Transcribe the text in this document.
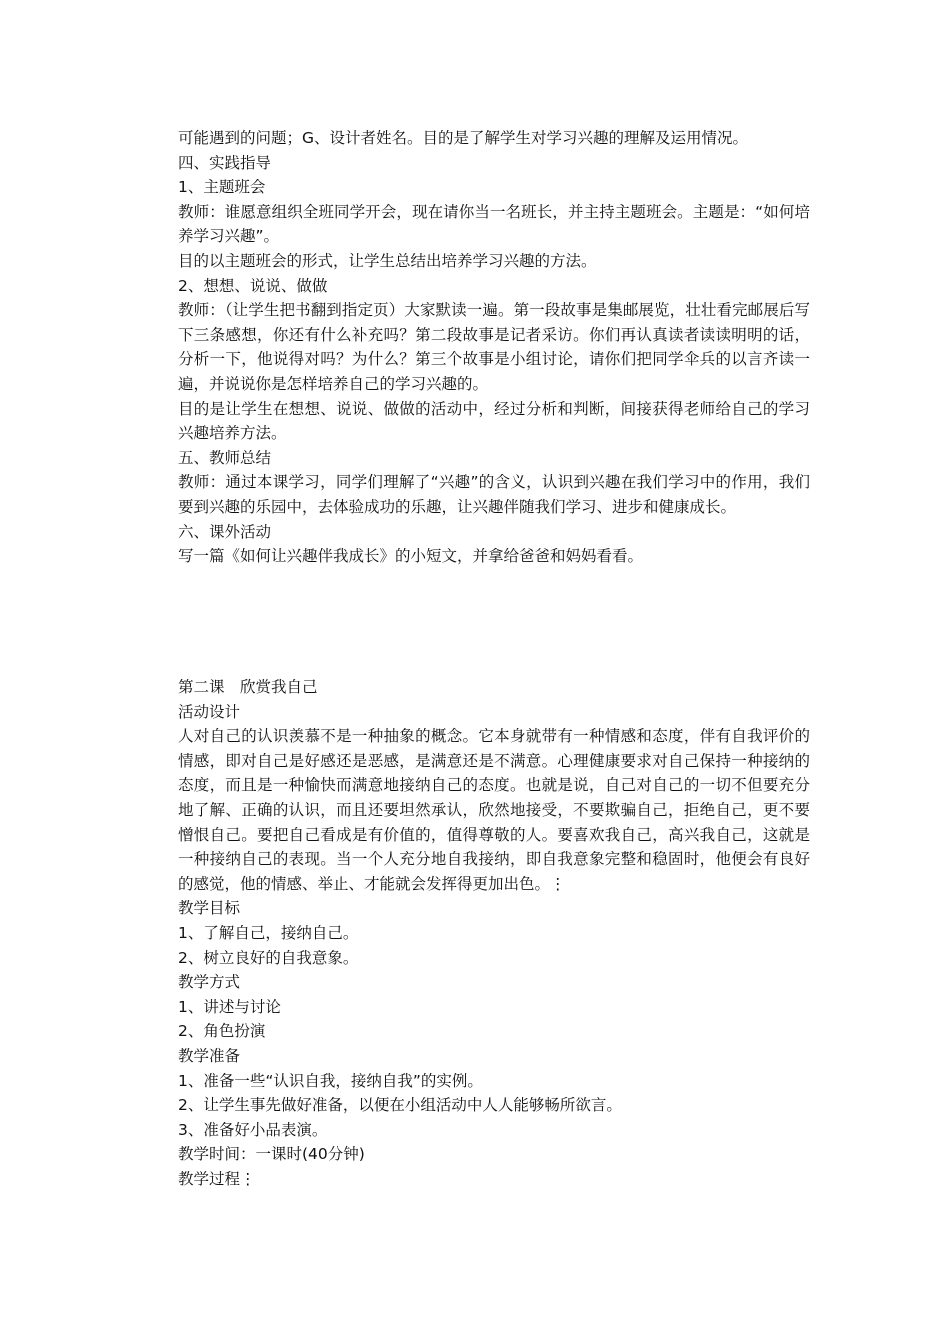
可能遇到的问题；G、设计者姓名。目的是了解学生对学习兴趣的理解及运用情况。

四、实践指导

1、主题班会

教师：谁愿意组织全班同学开会，现在请你当一名班长，并主持主题班会。主题是：“如何培养学习兴趣”。

目的以主题班会的形式，让学生总结出培养学习兴趣的方法。

2、想想、说说、做做

教师：（让学生把书翻到指定页）大家默读一遍。第一段故事是集邮展览，壮壮看完邮展后写下三条感想，你还有什么补充吗？第二段故事是记者采访。你们再认真读者读读明明的话，分析一下，他说得对吗？为什么？第三个故事是小组讨论，请你们把同学伞兵的以言齐读一遍，并说说你是怎样培养自己的学习兴趣的。

目的是让学生在想想、说说、做做的活动中，经过分析和判断，间接获得老师给自己的学习兴趣培养方法。

五、教师总结

教师：通过本课学习，同学们理解了“兴趣”的含义，认识到兴趣在我们学习中的作用，我们要到兴趣的乐园中，去体验成功的乐趣，让兴趣伴随我们学习、进步和健康成长。

六、课外活动

写一篇《如何让兴趣伴我成长》的小短文，并拿给爸爸和妈妈看看。

第二课　欣赏我自己

活动设计

人对自己的认识羡慕不是一种抽象的概念。它本身就带有一种情感和态度，伴有自我评价的情感，即对自己是好感还是恶感，是满意还是不满意。心理健康要求对自己保持一种接纳的态度，而且是一种愉快而满意地接纳自己的态度。也就是说，自己对自己的一切不但要充分地了解、正确的认识，而且还要坦然承认，欣然地接受，不要欺骗自己，拒绝自己，更不要憎恨自己。要把自己看成是有价值的，值得尊敬的人。要喜欢我自己，高兴我自己，这就是一种接纳自己的表现。当一个人充分地自我接纳，即自我意象完整和稳固时，他便会有良好的感觉，他的情感、举止、才能就会发挥得更加出色。⋮

教学目标

1、了解自己，接纳自己。

2、树立良好的自我意象。

教学方式

1、讲述与讨论

2、角色扮演

教学准备

1、准备一些“认识自我，接纳自我”的实例。

2、让学生事先做好准备，以便在小组活动中人人能够畅所欲言。

3、准备好小品表演。

教学时间：一课时(40分钟)

教学过程⋮
